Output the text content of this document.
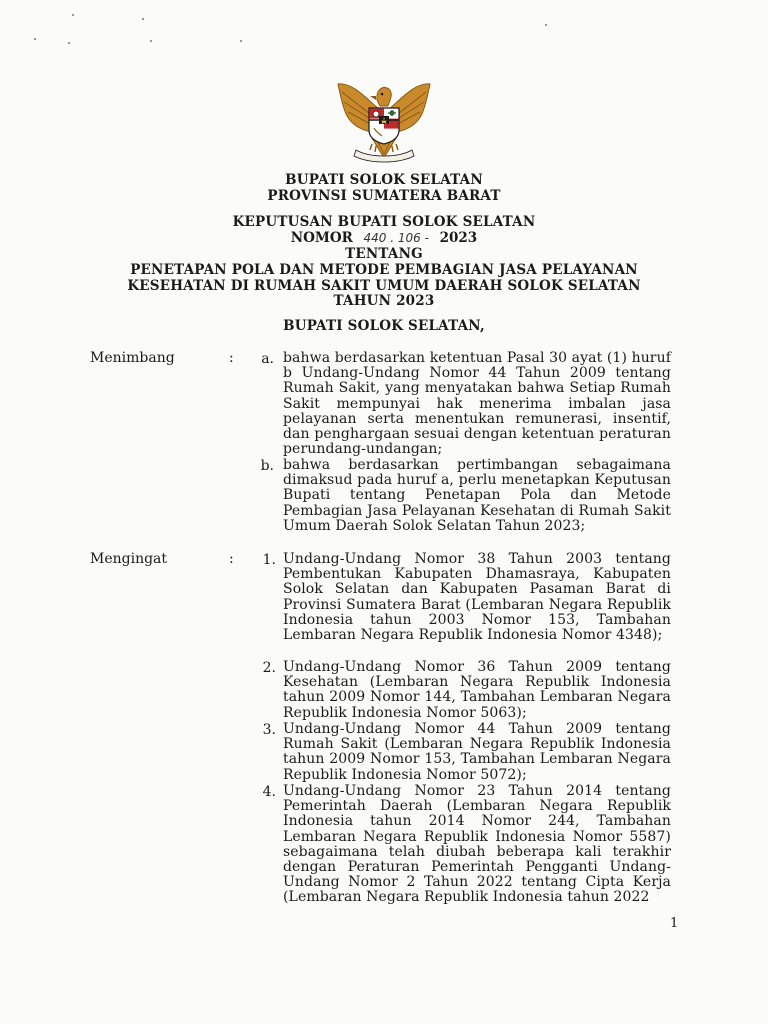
BUPATI SOLOK SELATAN
PROVINSI SUMATERA BARAT
KEPUTUSAN BUPATI SOLOK SELATAN
NOMOR 440 . 106 - 2023
TENTANG
PENETAPAN POLA DAN METODE PEMBAGIAN JASA PELAYANAN
KESEHATAN DI RUMAH SAKIT UMUM DAERAH SOLOK SELATAN
TAHUN 2023
BUPATI SOLOK SELATAN,
Menimbang	:	a. bahwa berdasarkan ketentuan Pasal 30 ayat (1) huruf b Undang-Undang Nomor 44 Tahun 2009 tentang Rumah Sakit, yang menyatakan bahwa Setiap Rumah Sakit mempunyai hak menerima imbalan jasa pelayanan serta menentukan remunerasi, insentif, dan penghargaan sesuai dengan ketentuan peraturan perundang-undangan;

b. bahwa berdasarkan pertimbangan sebagaimana dimaksud pada huruf a, perlu menetapkan Keputusan Bupati tentang Penetapan Pola dan Metode Pembagian Jasa Pelayanan Kesehatan di Rumah Sakit Umum Daerah Solok Selatan Tahun 2023;

Mengingat	:	1. Undang-Undang Nomor 38 Tahun 2003 tentang Pembentukan Kabupaten Dhamasraya, Kabupaten Solok Selatan dan Kabupaten Pasaman Barat di Provinsi Sumatera Barat (Lembaran Negara Republik Indonesia tahun 2003 Nomor 153, Tambahan Lembaran Negara Republik Indonesia Nomor 4348);

2. Undang-Undang Nomor 36 Tahun 2009 tentang Kesehatan (Lembaran Negara Republik Indonesia tahun 2009 Nomor 144, Tambahan Lembaran Negara Republik Indonesia Nomor 5063);

3. Undang-Undang Nomor 44 Tahun 2009 tentang Rumah Sakit (Lembaran Negara Republik Indonesia tahun 2009 Nomor 153, Tambahan Lembaran Negara Republik Indonesia Nomor 5072);

4. Undang-Undang Nomor 23 Tahun 2014 tentang Pemerintah Daerah (Lembaran Negara Republik Indonesia tahun 2014 Nomor 244, Tambahan Lembaran Negara Republik Indonesia Nomor 5587) sebagaimana telah diubah beberapa kali terakhir dengan Peraturan Pemerintah Pengganti Undang-Undang Nomor 2 Tahun 2022 tentang Cipta Kerja (Lembaran Negara Republik Indonesia tahun 2022

1
